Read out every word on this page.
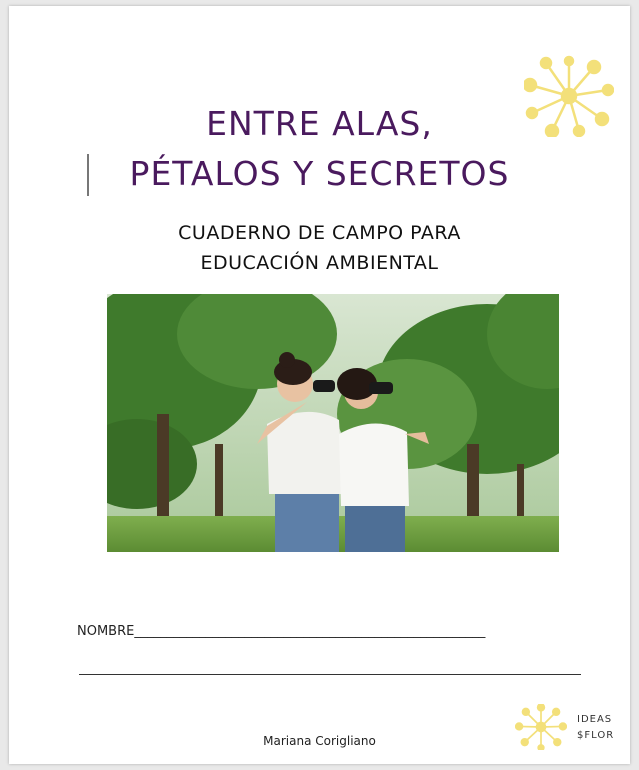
ENTRE ALAS,
PÉTALOS Y SECRETOS
CUADERNO DE CAMPO PARA
EDUCACIÓN AMBIENTAL
NOMBRE______________________________________________________
Mariana Corigliano
IDEAS
$FLOR
